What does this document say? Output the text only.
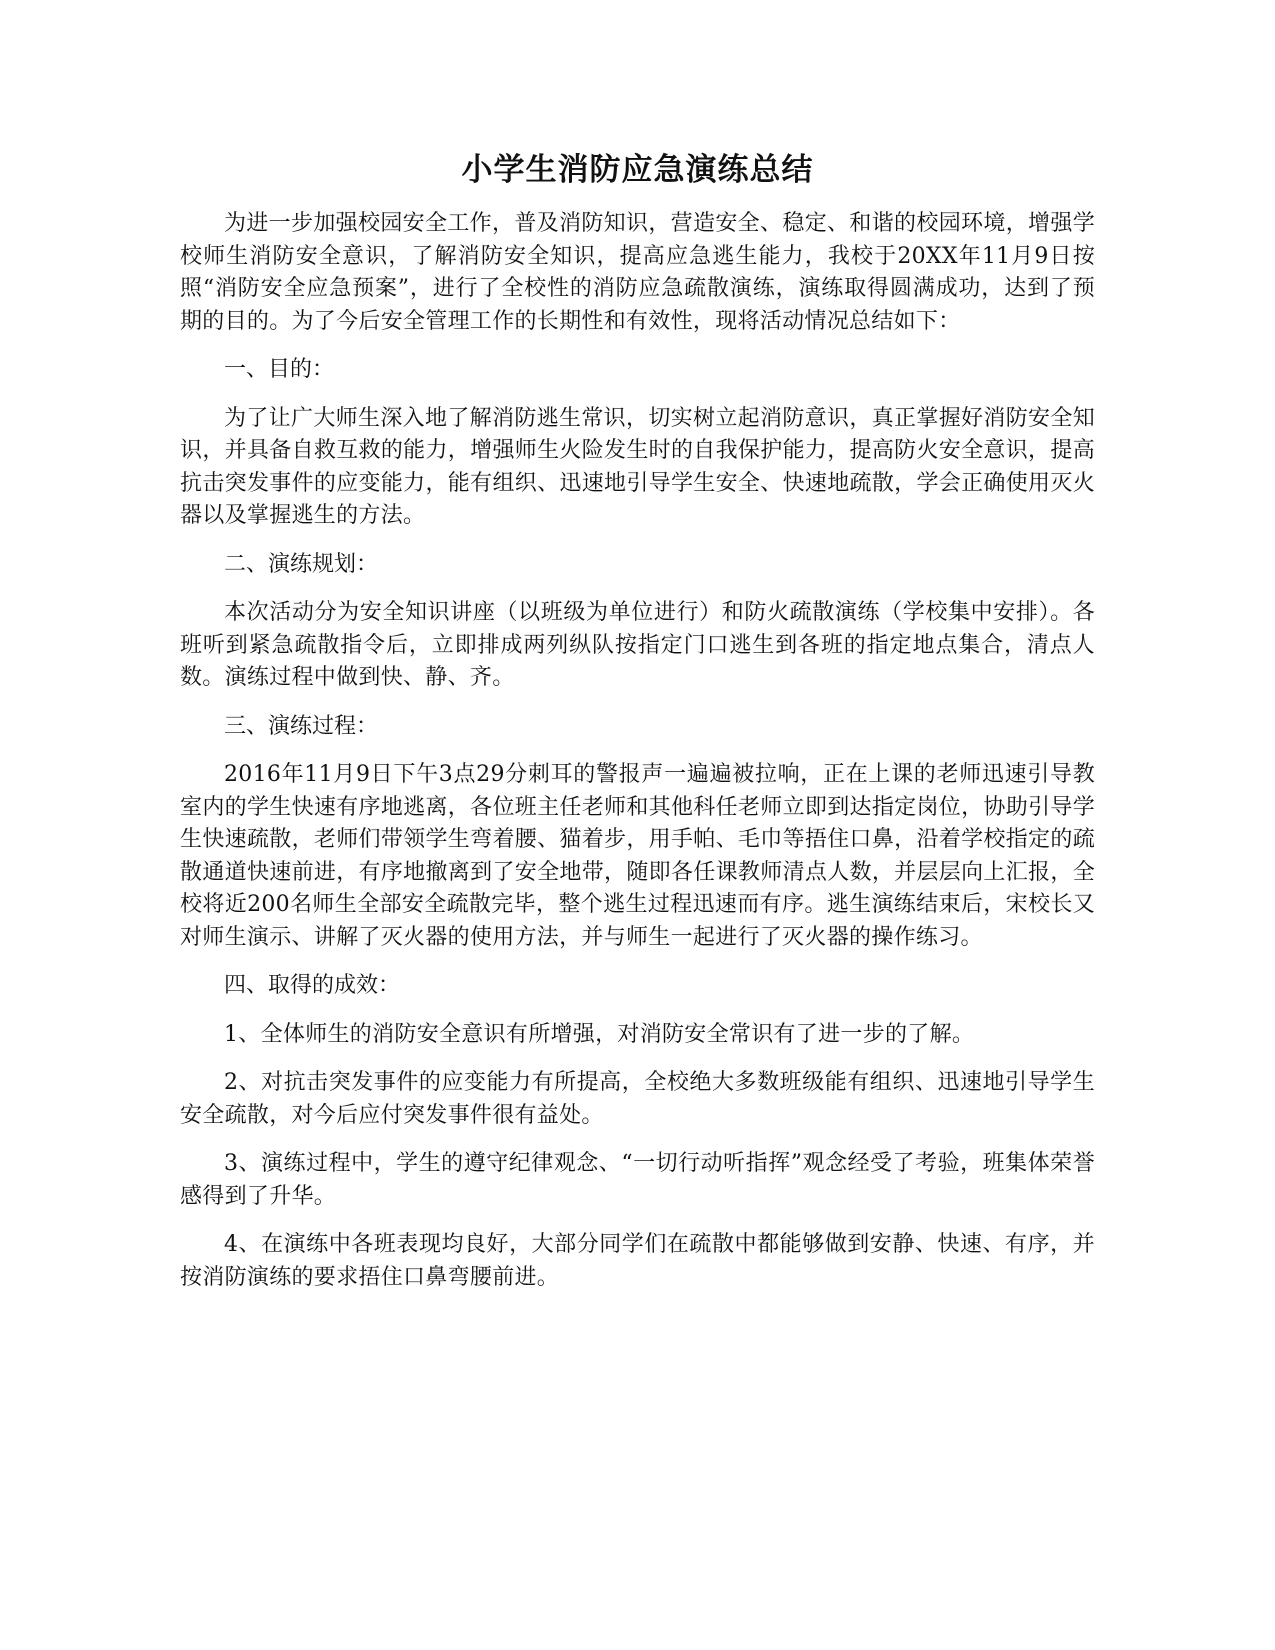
小学生消防应急演练总结

为进一步加强校园安全工作，普及消防知识，营造安全、稳定、和谐的校园环境，增强学校师生消防安全意识，了解消防安全知识，提高应急逃生能力，我校于20XX年11月9日按照“消防安全应急预案”，进行了全校性的消防应急疏散演练，演练取得圆满成功，达到了预期的目的。为了今后安全管理工作的长期性和有效性，现将活动情况总结如下：

一、目的：

为了让广大师生深入地了解消防逃生常识，切实树立起消防意识，真正掌握好消防安全知识，并具备自救互救的能力，增强师生火险发生时的自我保护能力，提高防火安全意识，提高抗击突发事件的应变能力，能有组织、迅速地引导学生安全、快速地疏散，学会正确使用灭火器以及掌握逃生的方法。

二、演练规划：

本次活动分为安全知识讲座（以班级为单位进行）和防火疏散演练（学校集中安排）。各班听到紧急疏散指令后，立即排成两列纵队按指定门口逃生到各班的指定地点集合，清点人数。演练过程中做到快、静、齐。

三、演练过程：

2016年11月9日下午3点29分刺耳的警报声一遍遍被拉响，正在上课的老师迅速引导教室内的学生快速有序地逃离，各位班主任老师和其他科任老师立即到达指定岗位，协助引导学生快速疏散，老师们带领学生弯着腰、猫着步，用手帕、毛巾等捂住口鼻，沿着学校指定的疏散通道快速前进，有序地撤离到了安全地带，随即各任课教师清点人数，并层层向上汇报，全校将近200名师生全部安全疏散完毕，整个逃生过程迅速而有序。逃生演练结束后，宋校长又对师生演示、讲解了灭火器的使用方法，并与师生一起进行了灭火器的操作练习。

四、取得的成效：

1、全体师生的消防安全意识有所增强，对消防安全常识有了进一步的了解。

2、对抗击突发事件的应变能力有所提高，全校绝大多数班级能有组织、迅速地引导学生安全疏散，对今后应付突发事件很有益处。

3、演练过程中，学生的遵守纪律观念、“一切行动听指挥”观念经受了考验，班集体荣誉感得到了升华。

4、在演练中各班表现均良好，大部分同学们在疏散中都能够做到安静、快速、有序，并按消防演练的要求捂住口鼻弯腰前进。
